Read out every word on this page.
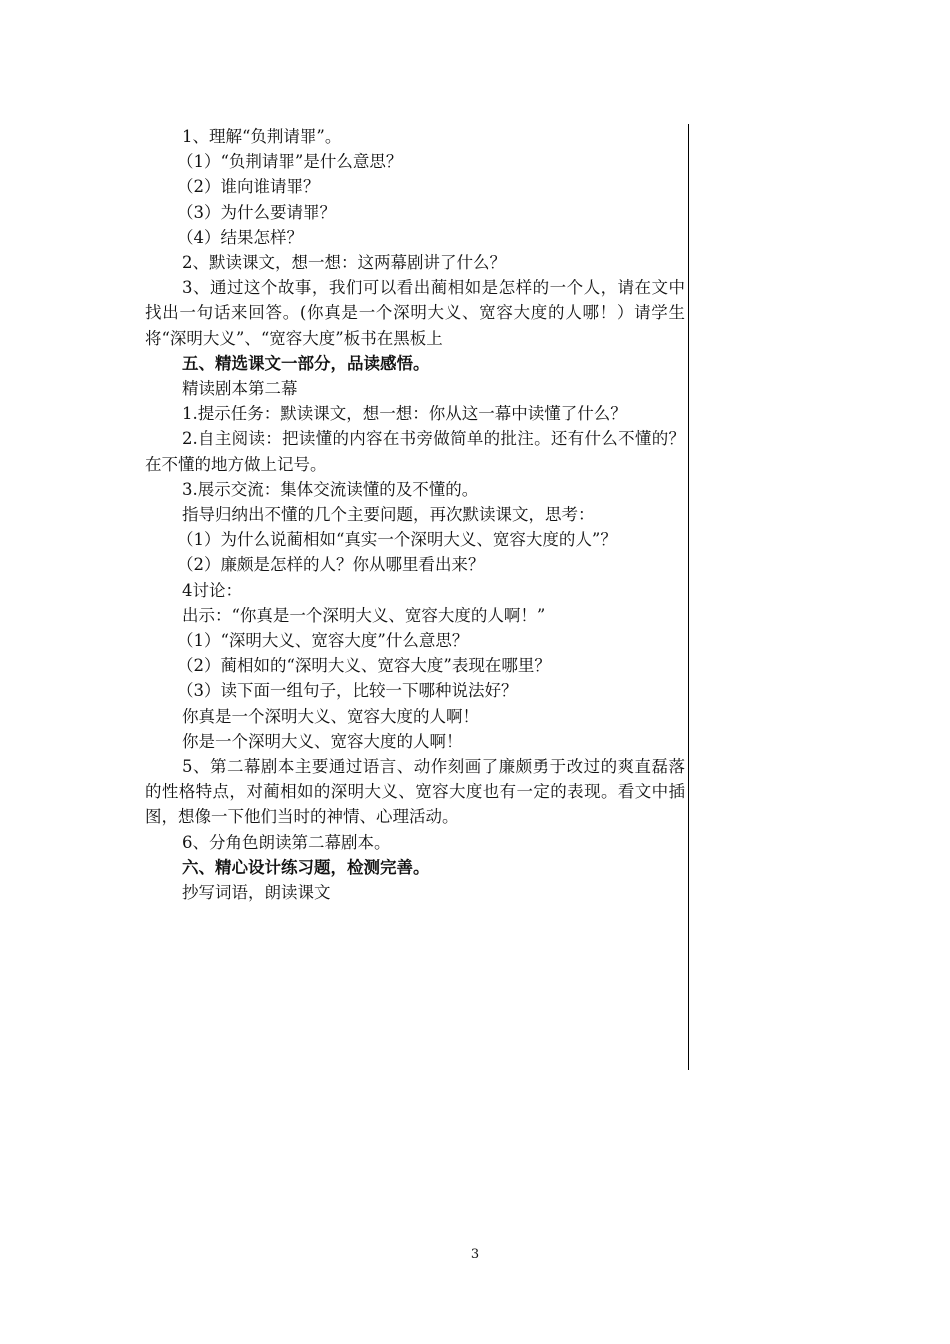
1、理解“负荆请罪”。

（1）“负荆请罪”是什么意思？

（2）谁向谁请罪？

（3）为什么要请罪？

（4）结果怎样？

2、默读课文，想一想：这两幕剧讲了什么？

3、通过这个故事，我们可以看出蔺相如是怎样的一个人，请在文中找出一句话来回答。(你真是一个深明大义、宽容大度的人哪！）请学生将“深明大义”、“宽容大度”板书在黑板上

五、精选课文一部分，品读感悟。

精读剧本第二幕

1.提示任务：默读课文，想一想：你从这一幕中读懂了什么？

2.自主阅读：把读懂的内容在书旁做简单的批注。还有什么不懂的？在不懂的地方做上记号。

3.展示交流：集体交流读懂的及不懂的。

指导归纳出不懂的几个主要问题，再次默读课文，思考：

（1）为什么说蔺相如“真实一个深明大义、宽容大度的人”？

（2）廉颇是怎样的人？你从哪里看出来？

4讨论：

出示：“你真是一个深明大义、宽容大度的人啊！”

（1）“深明大义、宽容大度”什么意思？

（2）蔺相如的“深明大义、宽容大度”表现在哪里？

（3）读下面一组句子，比较一下哪种说法好？

你真是一个深明大义、宽容大度的人啊！

你是一个深明大义、宽容大度的人啊！

5、第二幕剧本主要通过语言、动作刻画了廉颇勇于改过的爽直磊落的性格特点，对蔺相如的深明大义、宽容大度也有一定的表现。看文中插图，想像一下他们当时的神情、心理活动。

6、分角色朗读第二幕剧本。

六、精心设计练习题，检测完善。

抄写词语，朗读课文

3
